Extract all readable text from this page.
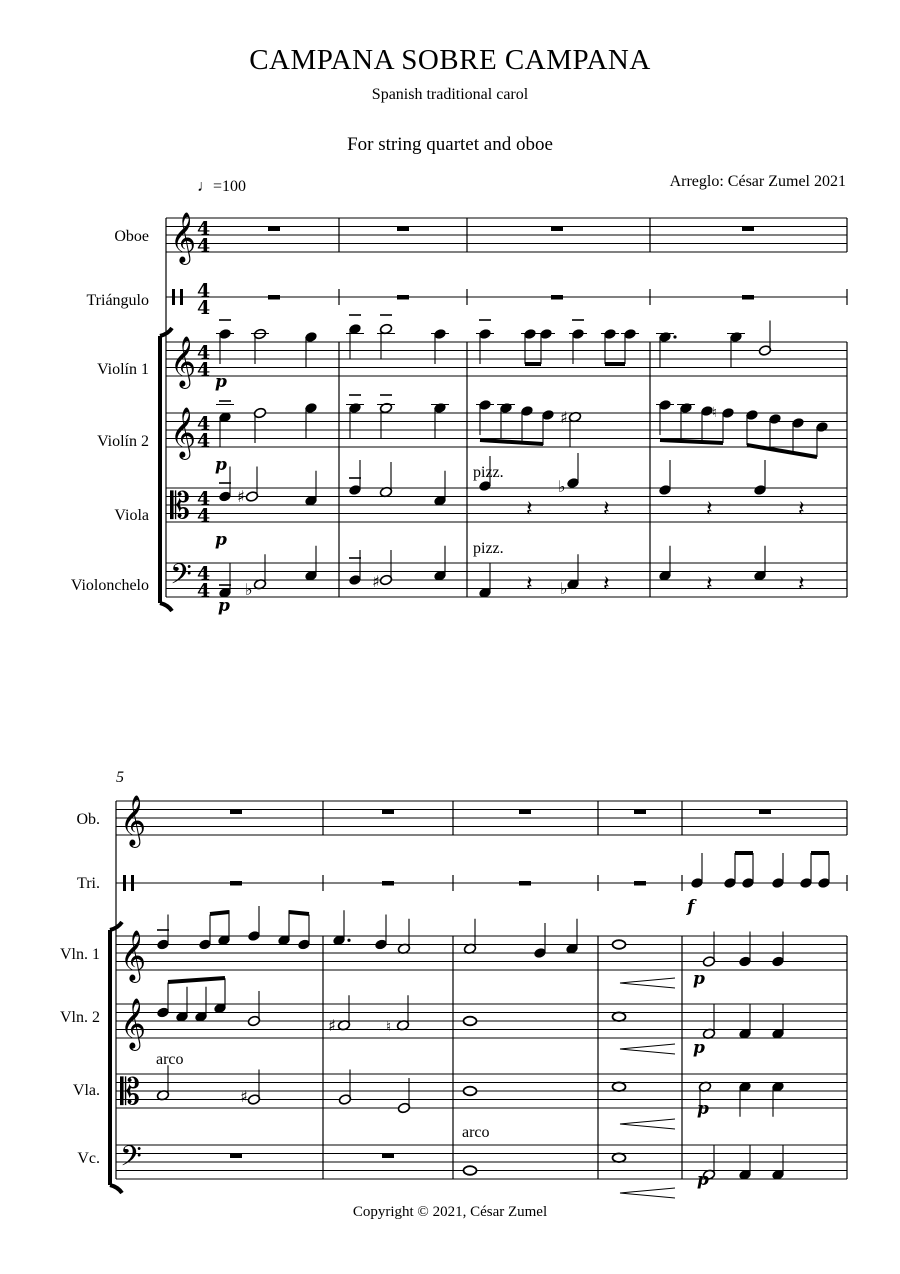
CAMPANA SOBRE CAMPANA
Spanish traditional carol
For string quartet and oboe
Arreglo: César Zumel 2021
♩=100
Copyright © 2021, César Zumel
𝄞
𝄞
𝄞
𝄡
𝄢
4
4
4
4
4
4
4
4
4
4
4
4
♯	♮
♯
𝄽
♭
𝄽	𝄽	𝄽
♭	♯	𝄽 ♭ 𝄽	𝄽	𝄽
𝄞
𝄞
𝄞
𝄡
𝄢
♯	♮
♯
Oboe
Triángulo
Violín 1
Violín 2
Viola
Violonchelo
p
p
p
p
pizz.
pizz.
5
Ob.
Tri.
Vln. 1
Vln. 2
Vla.
Vc.
f
p
p
p
p
arco
arco
